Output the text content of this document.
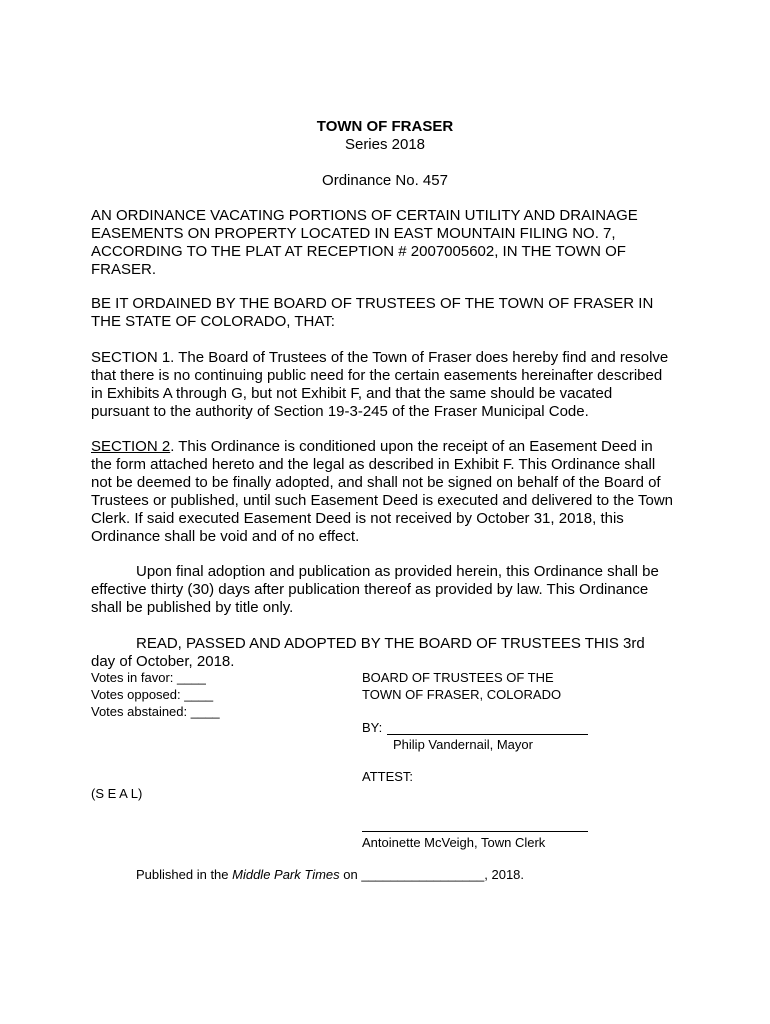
TOWN OF FRASER
Series 2018
Ordinance No. 457
AN ORDINANCE VACATING PORTIONS OF CERTAIN UTILITY AND DRAINAGE
EASEMENTS ON PROPERTY LOCATED IN EAST MOUNTAIN FILING NO. 7,
ACCORDING TO THE PLAT AT RECEPTION # 2007005602, IN THE TOWN OF
FRASER.
BE IT ORDAINED BY THE BOARD OF TRUSTEES OF THE TOWN OF FRASER IN
THE STATE OF COLORADO, THAT:
SECTION 1. The Board of Trustees of the Town of Fraser does hereby find and resolve
that there is no continuing public need for the certain easements hereinafter described
in Exhibits A through G, but not Exhibit F, and that the same should be vacated
pursuant to the authority of Section 19-3-245 of the Fraser Municipal Code.
SECTION 2. This Ordinance is conditioned upon the receipt of an Easement Deed in
the form attached hereto and the legal as described in Exhibit F. This Ordinance shall
not be deemed to be finally adopted, and shall not be signed on behalf of the Board of
Trustees or published, until such Easement Deed is executed and delivered to the Town
Clerk. If said executed Easement Deed is not received by October 31, 2018, this
Ordinance shall be void and of no effect.
Upon final adoption and publication as provided herein, this Ordinance shall be
effective thirty (30) days after publication thereof as provided by law. This Ordinance
shall be published by title only.
READ, PASSED AND ADOPTED BY THE BOARD OF TRUSTEES THIS 3rd
day of October, 2018.
Votes in favor: ____
Votes opposed: ____
Votes abstained: ____
BOARD OF TRUSTEES OF THE
TOWN OF FRASER, COLORADO
BY:
Philip Vandernail, Mayor
ATTEST:
(S E A L)
Antoinette McVeigh, Town Clerk
Published in the Middle Park Times on _________________, 2018.
